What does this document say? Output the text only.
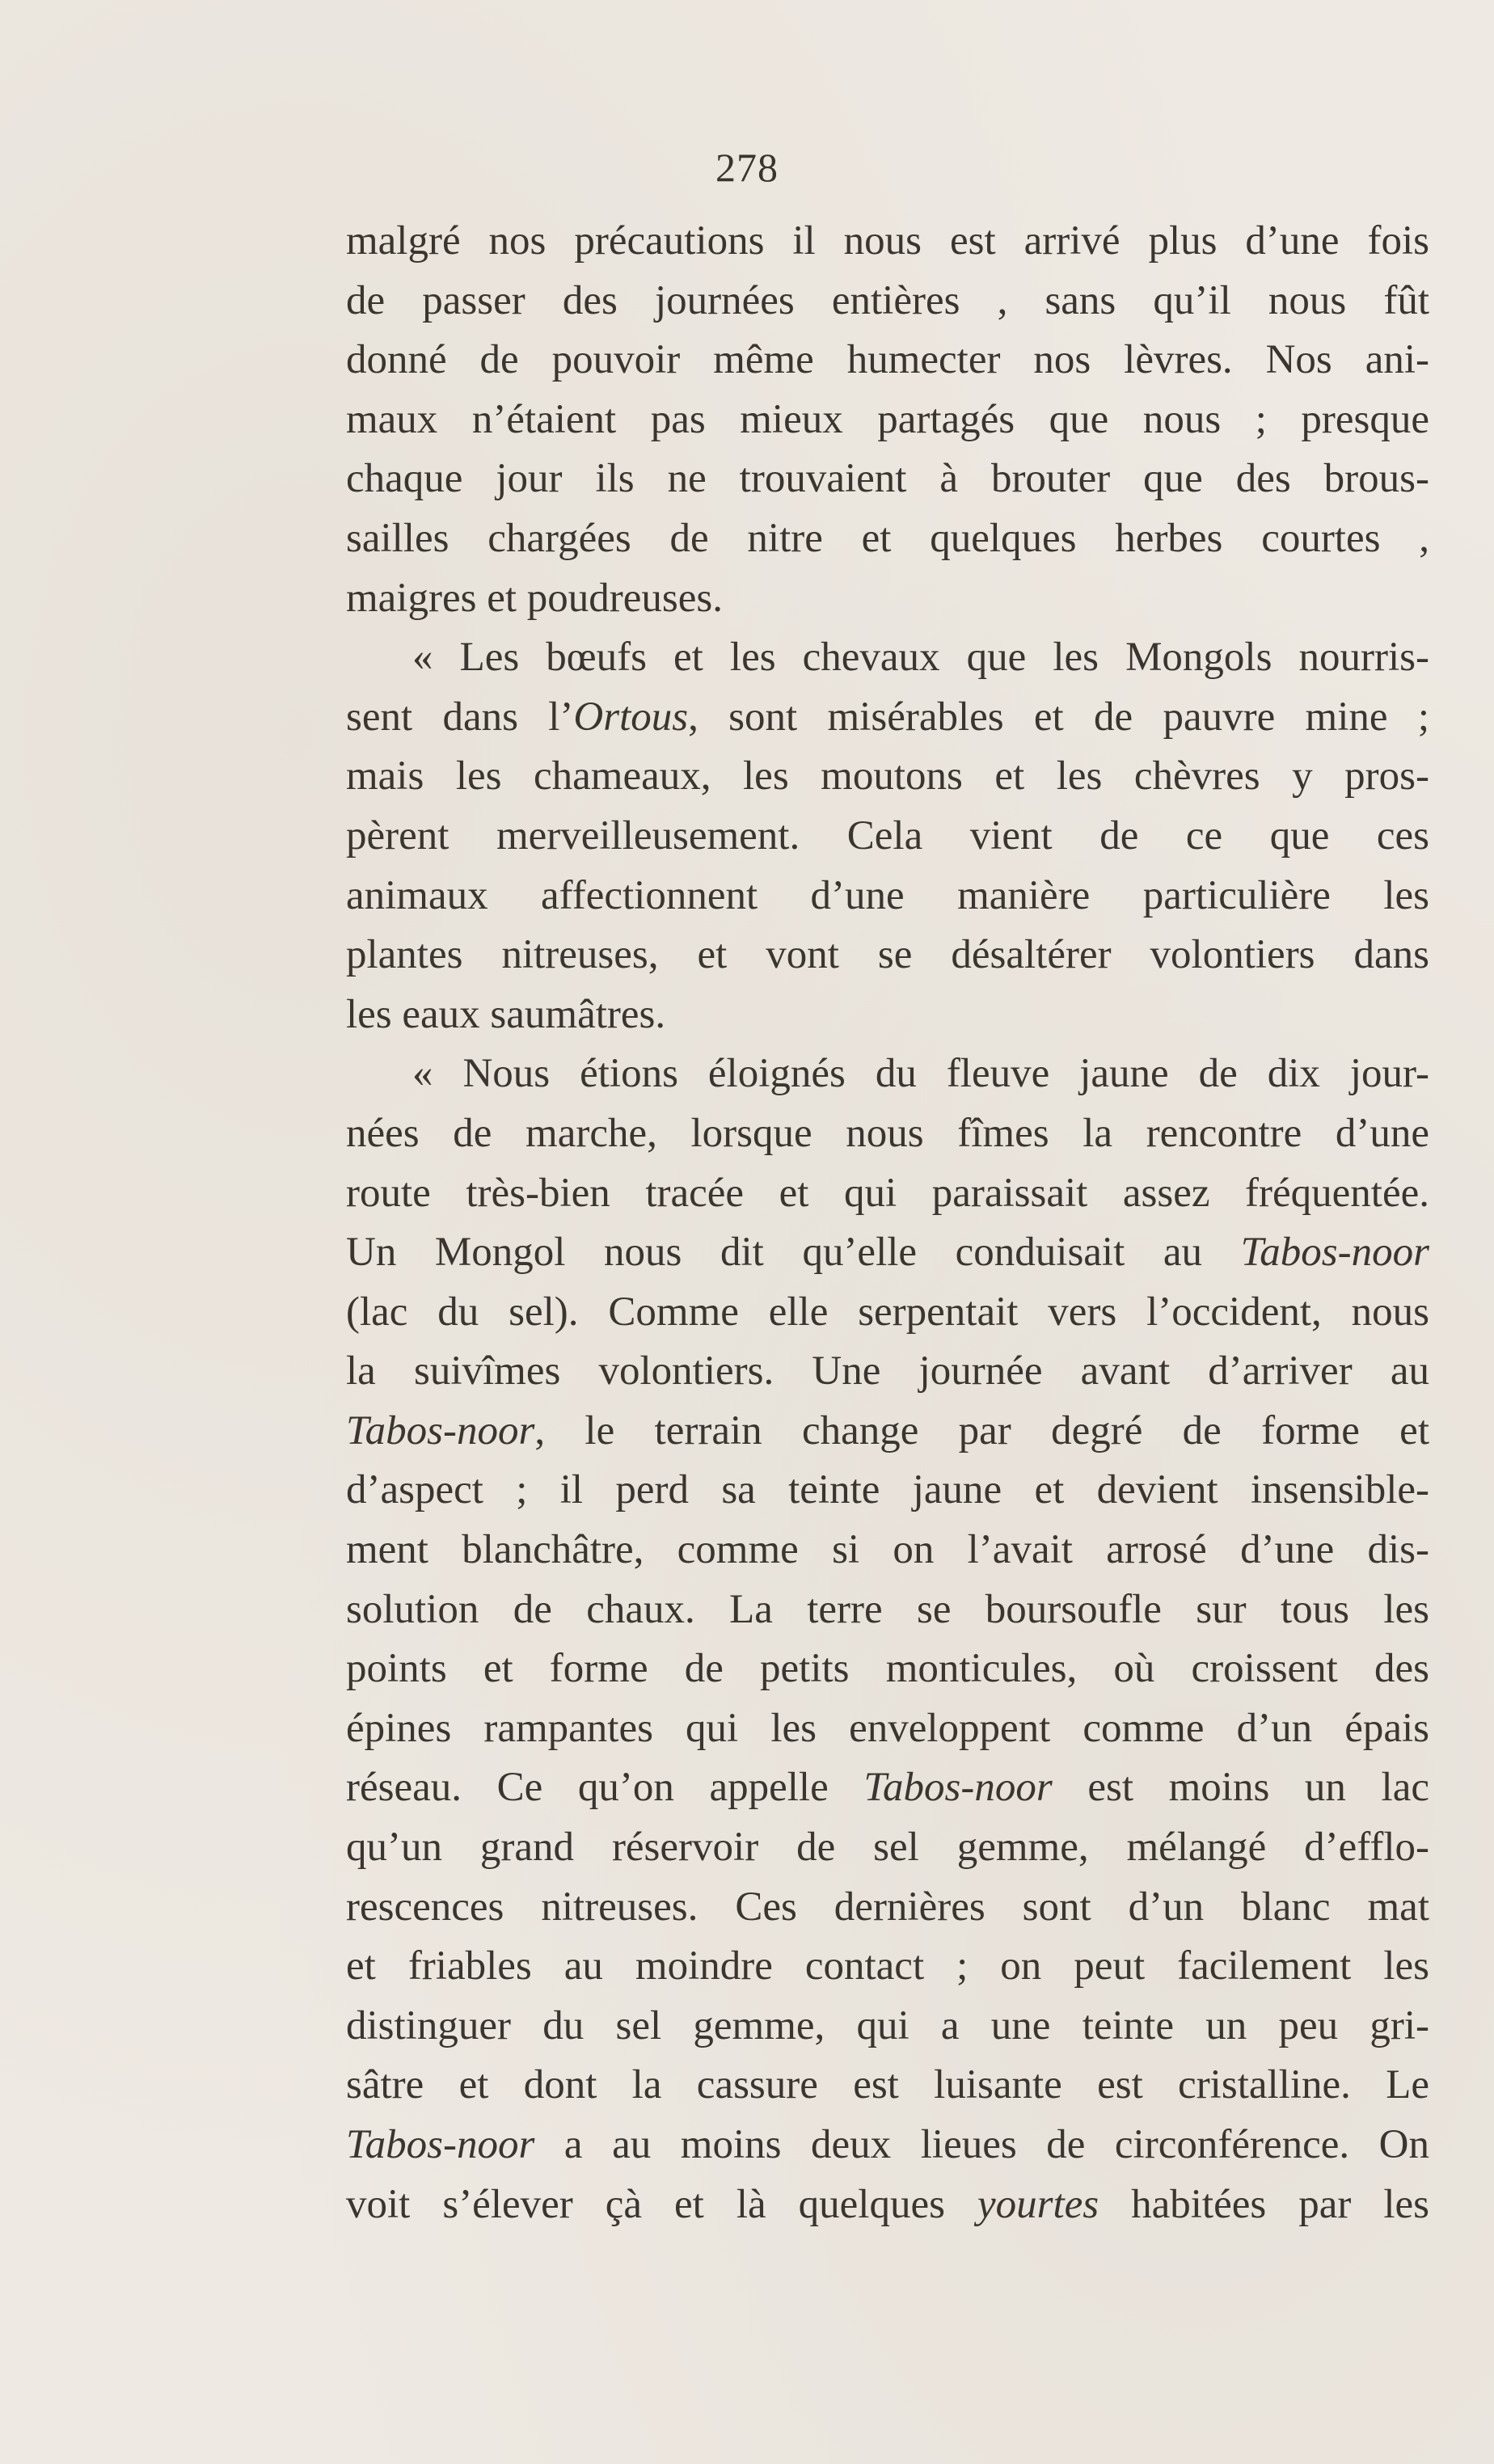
278
malgré nos précautions il nous est arrivé plus d’une fois
de passer des journées entières , sans qu’il nous fût
donné de pouvoir même humecter nos lèvres. Nos ani-
maux n’étaient pas mieux partagés que nous ; presque
chaque jour ils ne trouvaient à brouter que des brous-
sailles chargées de nitre et quelques herbes courtes ,
maigres et poudreuses.
« Les bœufs et les chevaux que les Mongols nourris-
sent dans l’Ortous, sont misérables et de pauvre mine ;
mais les chameaux, les moutons et les chèvres y pros-
pèrent merveilleusement. Cela vient de ce que ces
animaux affectionnent d’une manière particulière les
plantes nitreuses, et vont se désaltérer volontiers dans
les eaux saumâtres.
« Nous étions éloignés du fleuve jaune de dix jour-
nées de marche, lorsque nous fîmes la rencontre d’une
route très-bien tracée et qui paraissait assez fréquentée.
Un Mongol nous dit qu’elle conduisait au Tabos-noor
(lac du sel). Comme elle serpentait vers l’occident, nous
la suivîmes volontiers. Une journée avant d’arriver au
Tabos-noor, le terrain change par degré de forme et
d’aspect ; il perd sa teinte jaune et devient insensible-
ment blanchâtre, comme si on l’avait arrosé d’une dis-
solution de chaux. La terre se boursoufle sur tous les
points et forme de petits monticules, où croissent des
épines rampantes qui les enveloppent comme d’un épais
réseau. Ce qu’on appelle Tabos-noor est moins un lac
qu’un grand réservoir de sel gemme, mélangé d’efflo-
rescences nitreuses. Ces dernières sont d’un blanc mat
et friables au moindre contact ; on peut facilement les
distinguer du sel gemme, qui a une teinte un peu gri-
sâtre et dont la cassure est luisante est cristalline. Le
Tabos-noor a au moins deux lieues de circonférence. On
voit s’élever çà et là quelques yourtes habitées par les
